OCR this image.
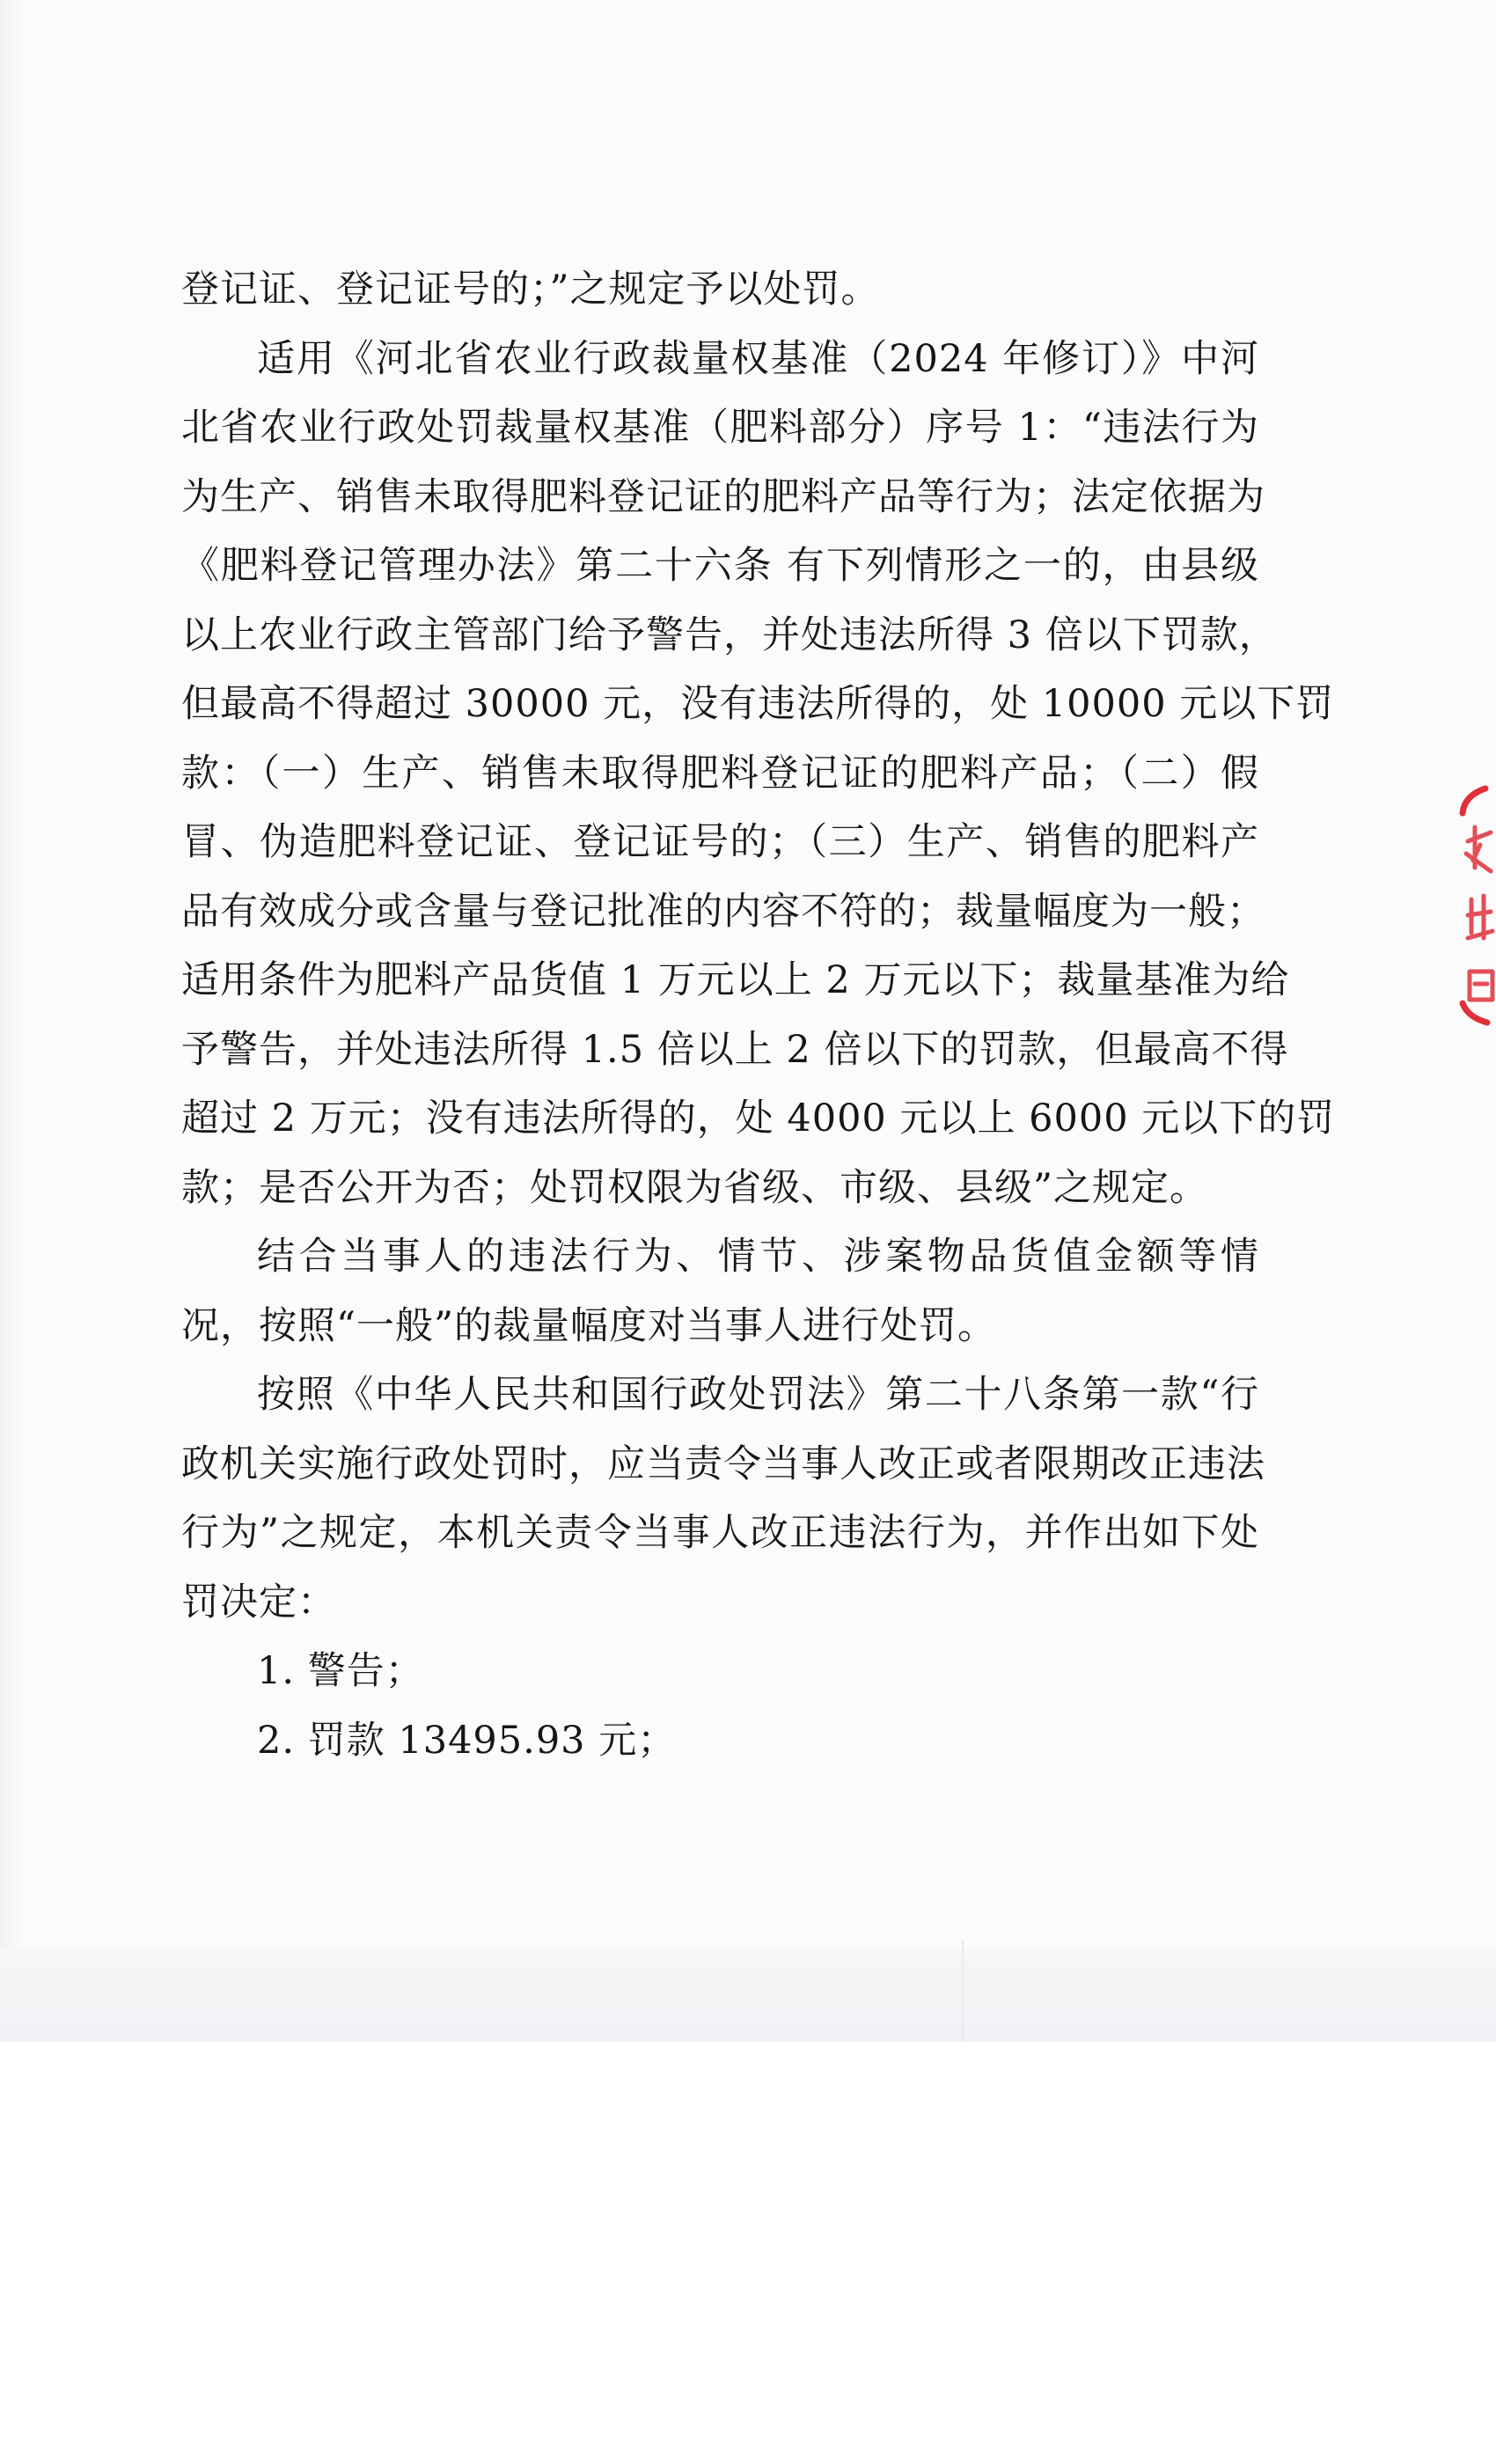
登记证、登记证号的；”之规定予以处罚。
适用《河北省农业行政裁量权基准（2024 年修订）》中河
北省农业行政处罚裁量权基准（肥料部分）序号 1：“违法行为
为生产、销售未取得肥料登记证的肥料产品等行为；法定依据为
《肥料登记管理办法》第二十六条 有下列情形之一的，由县级
以上农业行政主管部门给予警告，并处违法所得 3 倍以下罚款，
但最高不得超过 30000 元，没有违法所得的，处 10000 元以下罚
款：（一）生产、销售未取得肥料登记证的肥料产品；（二）假
冒、伪造肥料登记证、登记证号的；（三）生产、销售的肥料产
品有效成分或含量与登记批准的内容不符的；裁量幅度为一般；
适用条件为肥料产品货值 1 万元以上 2 万元以下；裁量基准为给
予警告，并处违法所得 1.5 倍以上 2 倍以下的罚款，但最高不得
超过 2 万元；没有违法所得的，处 4000 元以上 6000 元以下的罚
款；是否公开为否；处罚权限为省级、市级、县级”之规定。
结合当事人的违法行为、情节、涉案物品货值金额等情
况，按照“一般”的裁量幅度对当事人进行处罚。
按照《中华人民共和国行政处罚法》第二十八条第一款“行
政机关实施行政处罚时，应当责令当事人改正或者限期改正违法
行为”之规定，本机关责令当事人改正违法行为，并作出如下处
罚决定：
1. 警告；
2. 罚款 13495.93 元；
